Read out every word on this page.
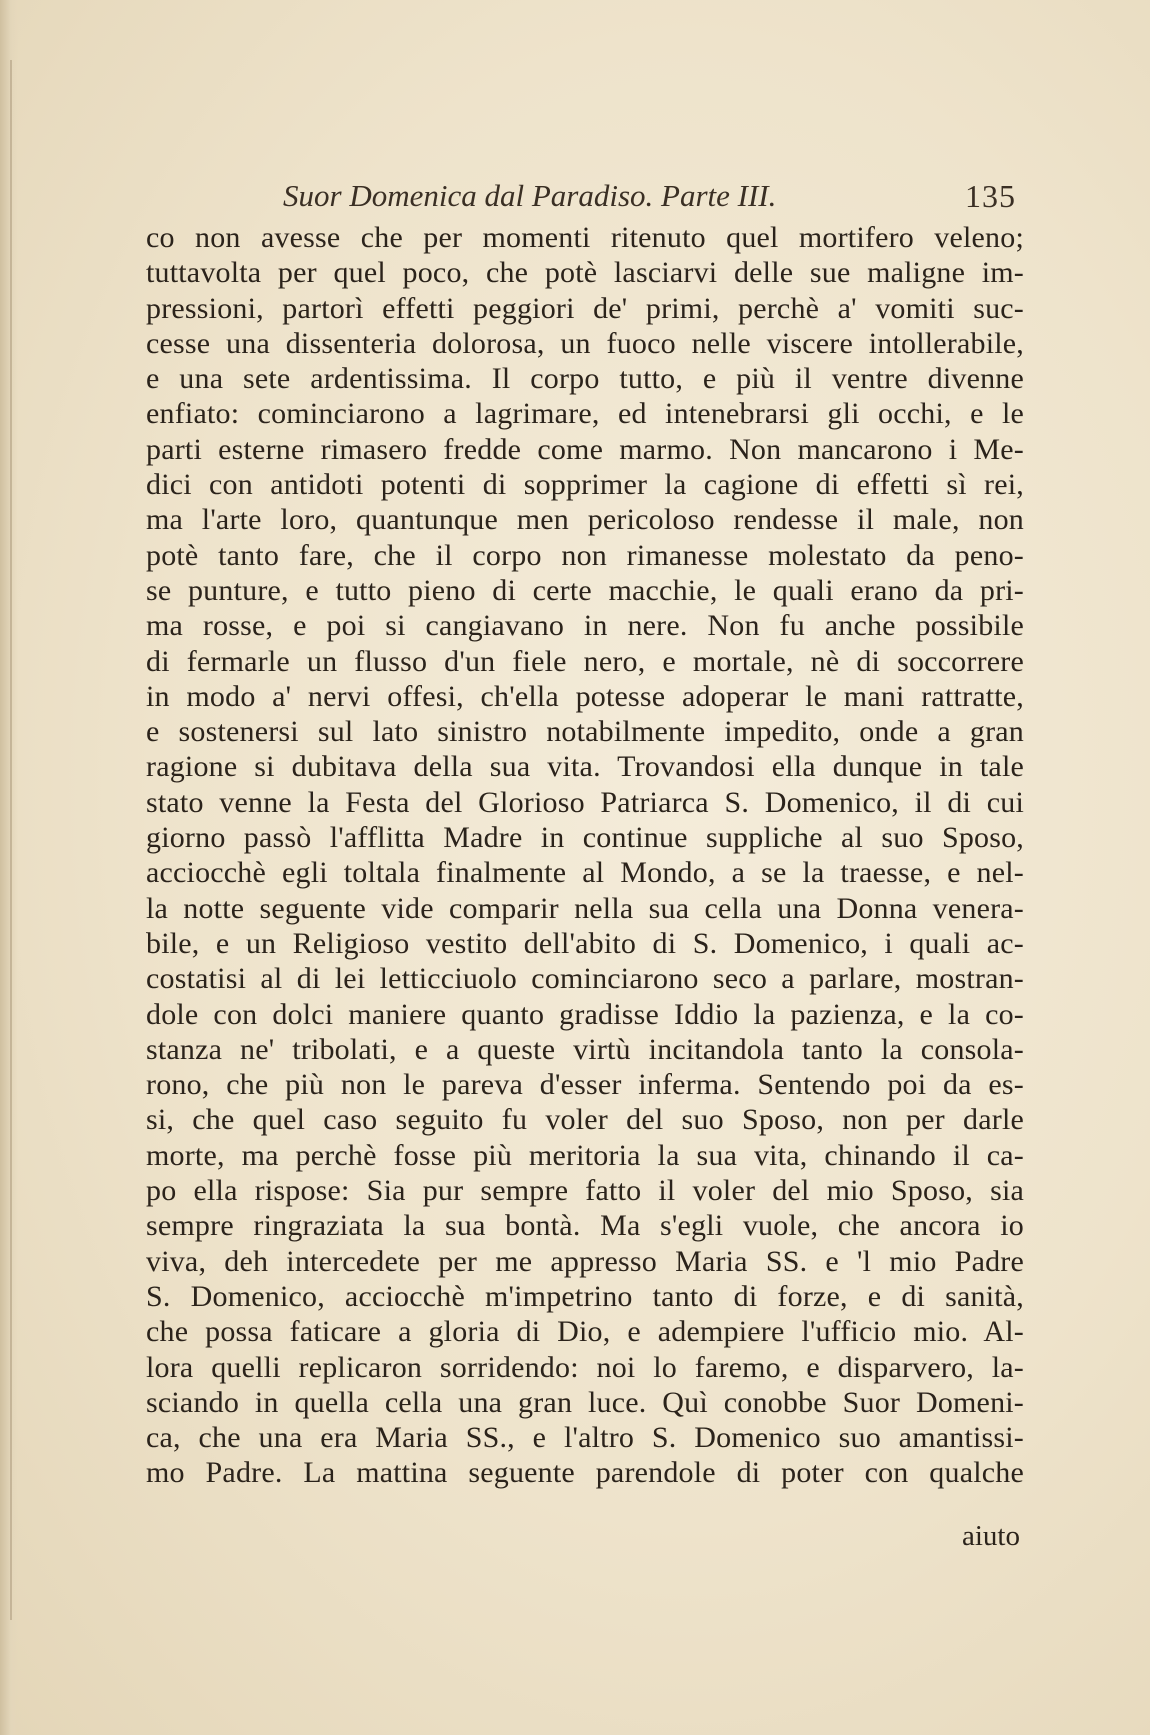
Suor Domenica dal Paradiso. Parte III.	135
co non avesse che per momenti ritenuto quel mortifero veleno;
tuttavolta per quel poco, che potè lasciarvi delle sue maligne im-
pressioni, partorì effetti peggiori de' primi, perchè a' vomiti suc-
cesse una dissenteria dolorosa, un fuoco nelle viscere intollerabile,
e una sete ardentissima. Il corpo tutto, e più il ventre divenne
enfiato: cominciarono a lagrimare, ed intenebrarsi gli occhi, e le
parti esterne rimasero fredde come marmo. Non mancarono i Me-
dici con antidoti potenti di sopprimer la cagione di effetti sì rei,
ma l'arte loro, quantunque men pericoloso rendesse il male, non
potè tanto fare, che il corpo non rimanesse molestato da peno-
se punture, e tutto pieno di certe macchie, le quali erano da pri-
ma rosse, e poi si cangiavano in nere. Non fu anche possibile
di fermarle un flusso d'un fiele nero, e mortale, nè di soccorrere
in modo a' nervi offesi, ch'ella potesse adoperar le mani rattratte,
e sostenersi sul lato sinistro notabilmente impedito, onde a gran
ragione si dubitava della sua vita. Trovandosi ella dunque in tale
stato venne la Festa del Glorioso Patriarca S. Domenico, il di cui
giorno passò l'afflitta Madre in continue suppliche al suo Sposo,
acciocchè egli toltala finalmente al Mondo, a se la traesse, e nel-
la notte seguente vide comparir nella sua cella una Donna venera-
bile, e un Religioso vestito dell'abito di S. Domenico, i quali ac-
costatisi al di lei letticciuolo cominciarono seco a parlare, mostran-
dole con dolci maniere quanto gradisse Iddio la pazienza, e la co-
stanza ne' tribolati, e a queste virtù incitandola tanto la consola-
rono, che più non le pareva d'esser inferma. Sentendo poi da es-
si, che quel caso seguito fu voler del suo Sposo, non per darle
morte, ma perchè fosse più meritoria la sua vita, chinando il ca-
po ella rispose: Sia pur sempre fatto il voler del mio Sposo, sia
sempre ringraziata la sua bontà. Ma s'egli vuole, che ancora io
viva, deh intercedete per me appresso Maria SS. e 'l mio Padre
S. Domenico, acciocchè m'impetrino tanto di forze, e di sanità,
che possa faticare a gloria di Dio, e adempiere l'ufficio mio. Al-
lora quelli replicaron sorridendo: noi lo faremo, e disparvero, la-
sciando in quella cella una gran luce. Quì conobbe Suor Domeni-
ca, che una era Maria SS., e l'altro S. Domenico suo amantissi-
mo Padre. La mattina seguente parendole di poter con qualche
aiuto
